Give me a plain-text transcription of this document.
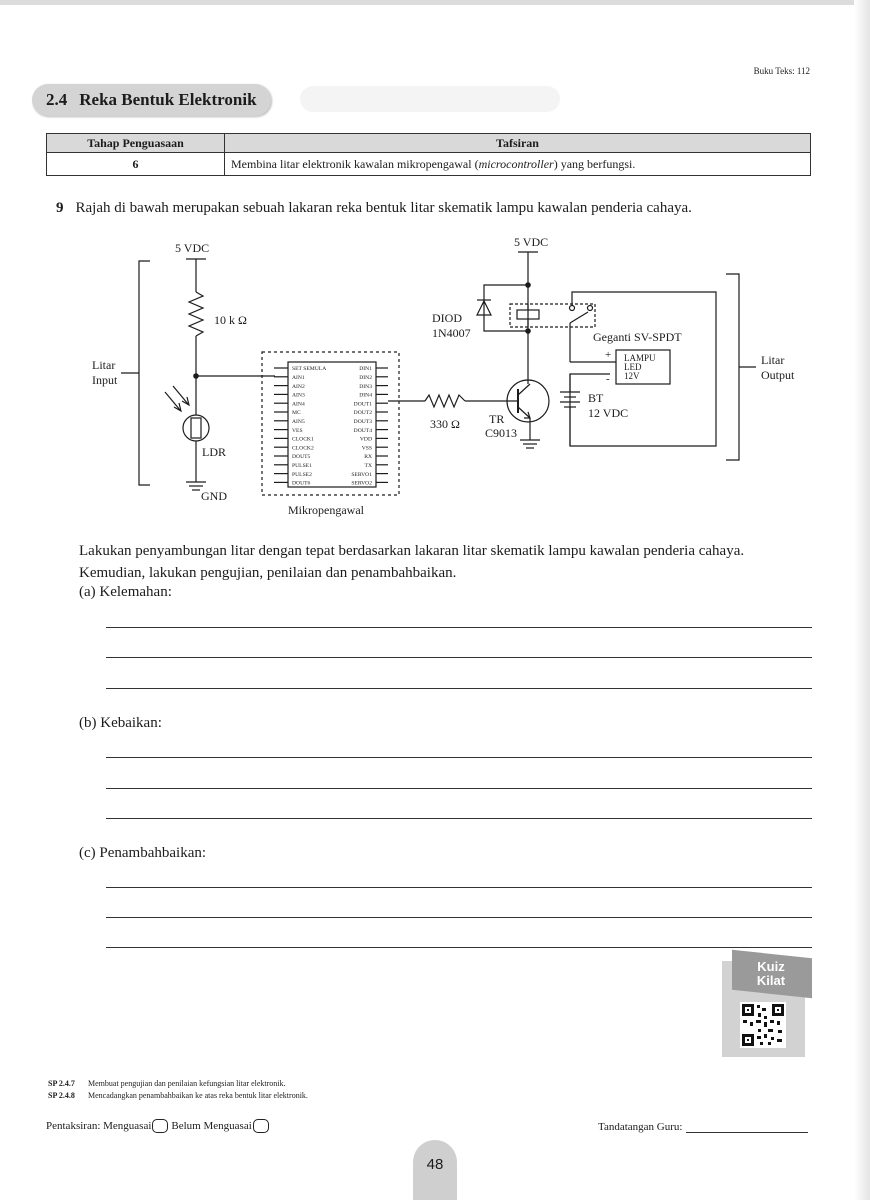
Buku Teks: 112
2.4 Reka Bentuk Elektronik
Tahap Penguasaan	Tafsiran
6	Membina litar elektronik kawalan mikropengawal (microcontroller) yang berfungsi.
9 Rajah di bawah merupakan sebuah lakaran reka bentuk litar skematik lampu kawalan penderia cahaya.
Litar
Input
5 VDC
10 k Ω
LDR
GND
SET SEMULA
AIN1
AIN2
AIN3
AIN4
MC
AIN5
VES
CLOCK1
CLOCK2
DOUT5
PULSE1
PULSE2
DOUT6
DIN1
DIN2
DIN3
DIN4
DOUT1
DOUT2
DOUT3
DOUT4
VDD
VSS
RX
TX
SERVO1
SERVO2
Mikropengawal
330 Ω TR
C9013
5 VDC
DIOD
1N4007	Geganti SV-SPDT
+
-
LAMPU
LED
12V
BT
12 VDC
Litar
Output
Lakukan penyambungan litar dengan tepat berdasarkan lakaran litar skematik lampu kawalan penderia cahaya.
Kemudian, lakukan pengujian, penilaian dan penambahbaikan.
(a) Kelemahan:
(b) Kebaikan:
(c) Penambahbaikan:
Kuiz
Kilat
SP 2.4.7 Membuat pengujian dan penilaian kefungsian litar elektronik.
SP 2.4.8 Mencadangkan penambahbaikan ke atas reka bentuk litar elektronik.
Pentaksiran: Menguasai Belum Menguasai	Tandatangan Guru:
48
